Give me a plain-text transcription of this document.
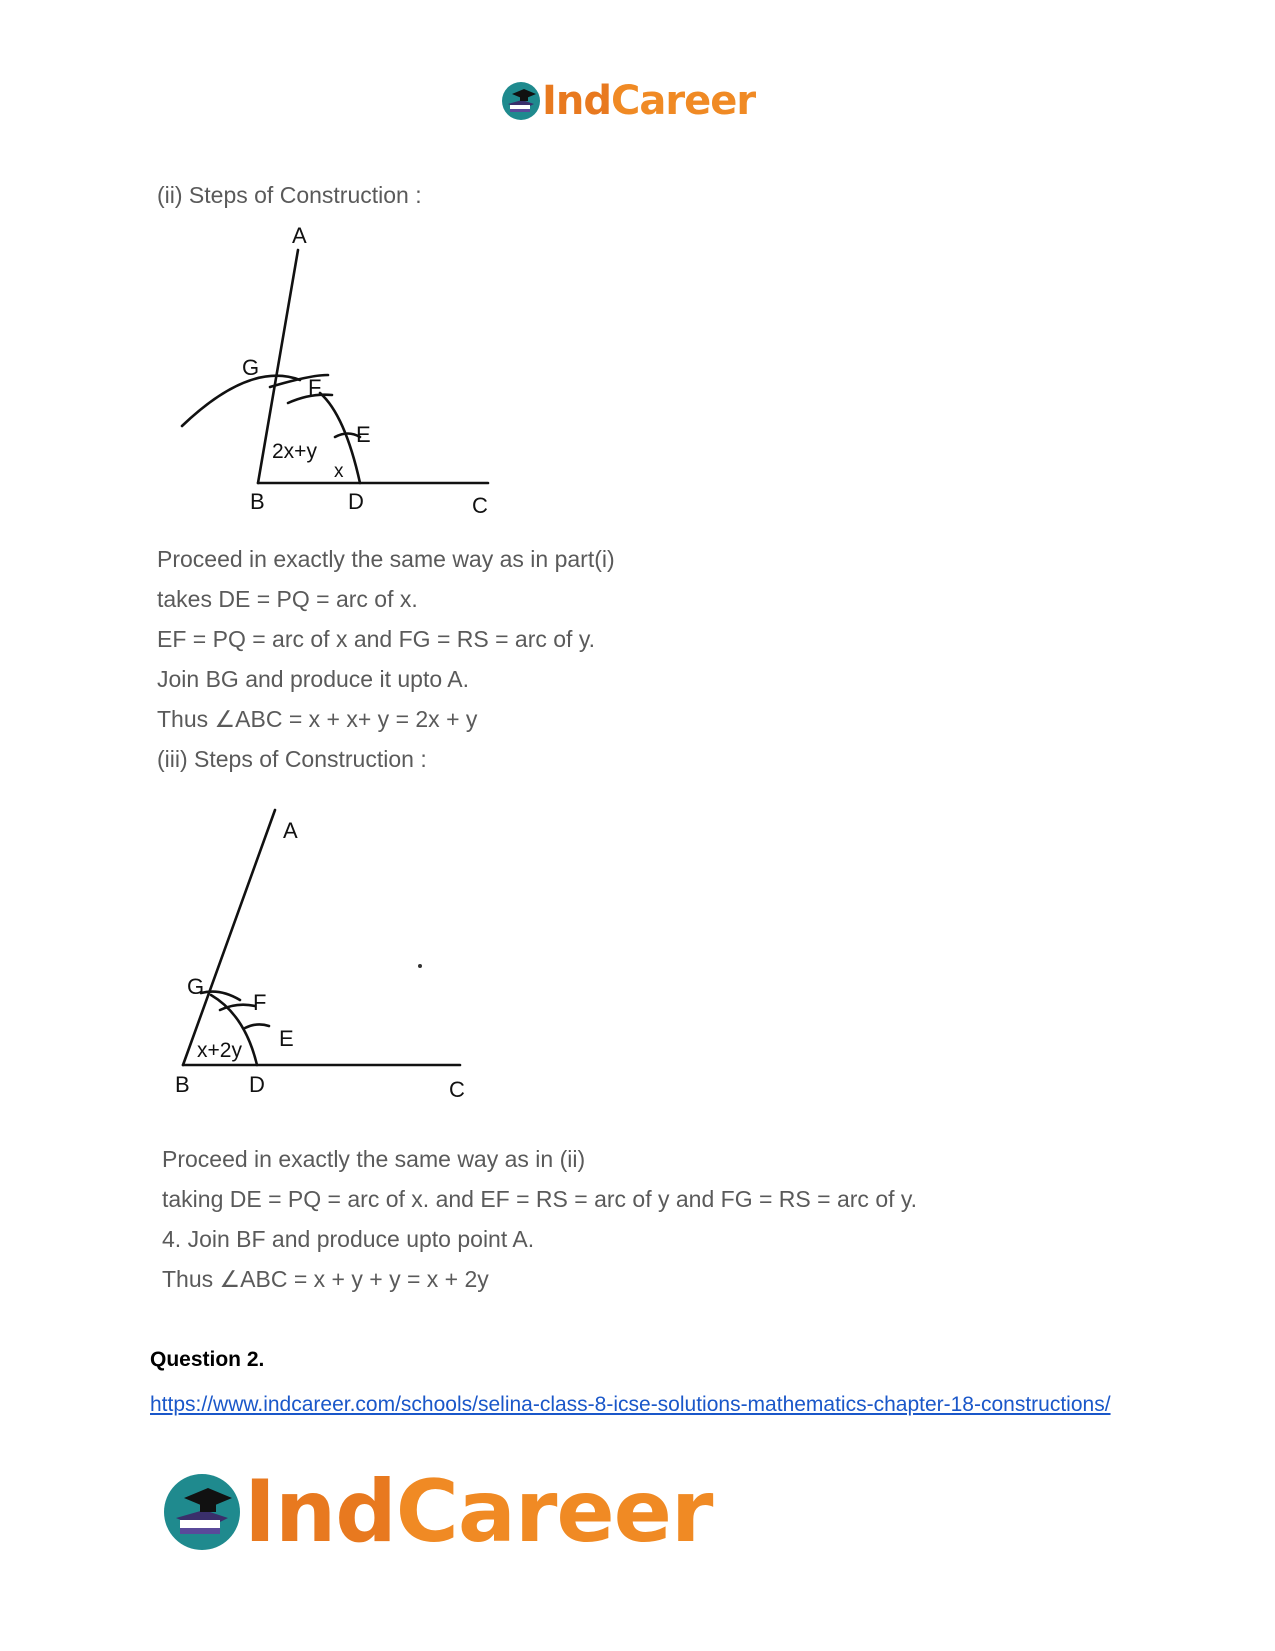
IndCareer
(ii) Steps of Construction :
A
G
F
E
2x+y
x
B	D	C
Proceed in exactly the same way as in part(i)
takes DE = PQ = arc of x.
EF = PQ = arc of x and FG = RS = arc of y.
Join BG and produce it upto A.
Thus ∠ABC = x + x+ y = 2x + y
(iii) Steps of Construction :
A
G
F
E
x+2y
B	D	C
Proceed in exactly the same way as in (ii)
taking DE = PQ = arc of x. and EF = RS = arc of y and FG = RS = arc of y.
4. Join BF and produce upto point A.
Thus ∠ABC = x + y + y = x + 2y
Question 2.
https://www.indcareer.com/schools/selina-class-8-icse-solutions-mathematics-chapter-18-constructions/
IndCareer
